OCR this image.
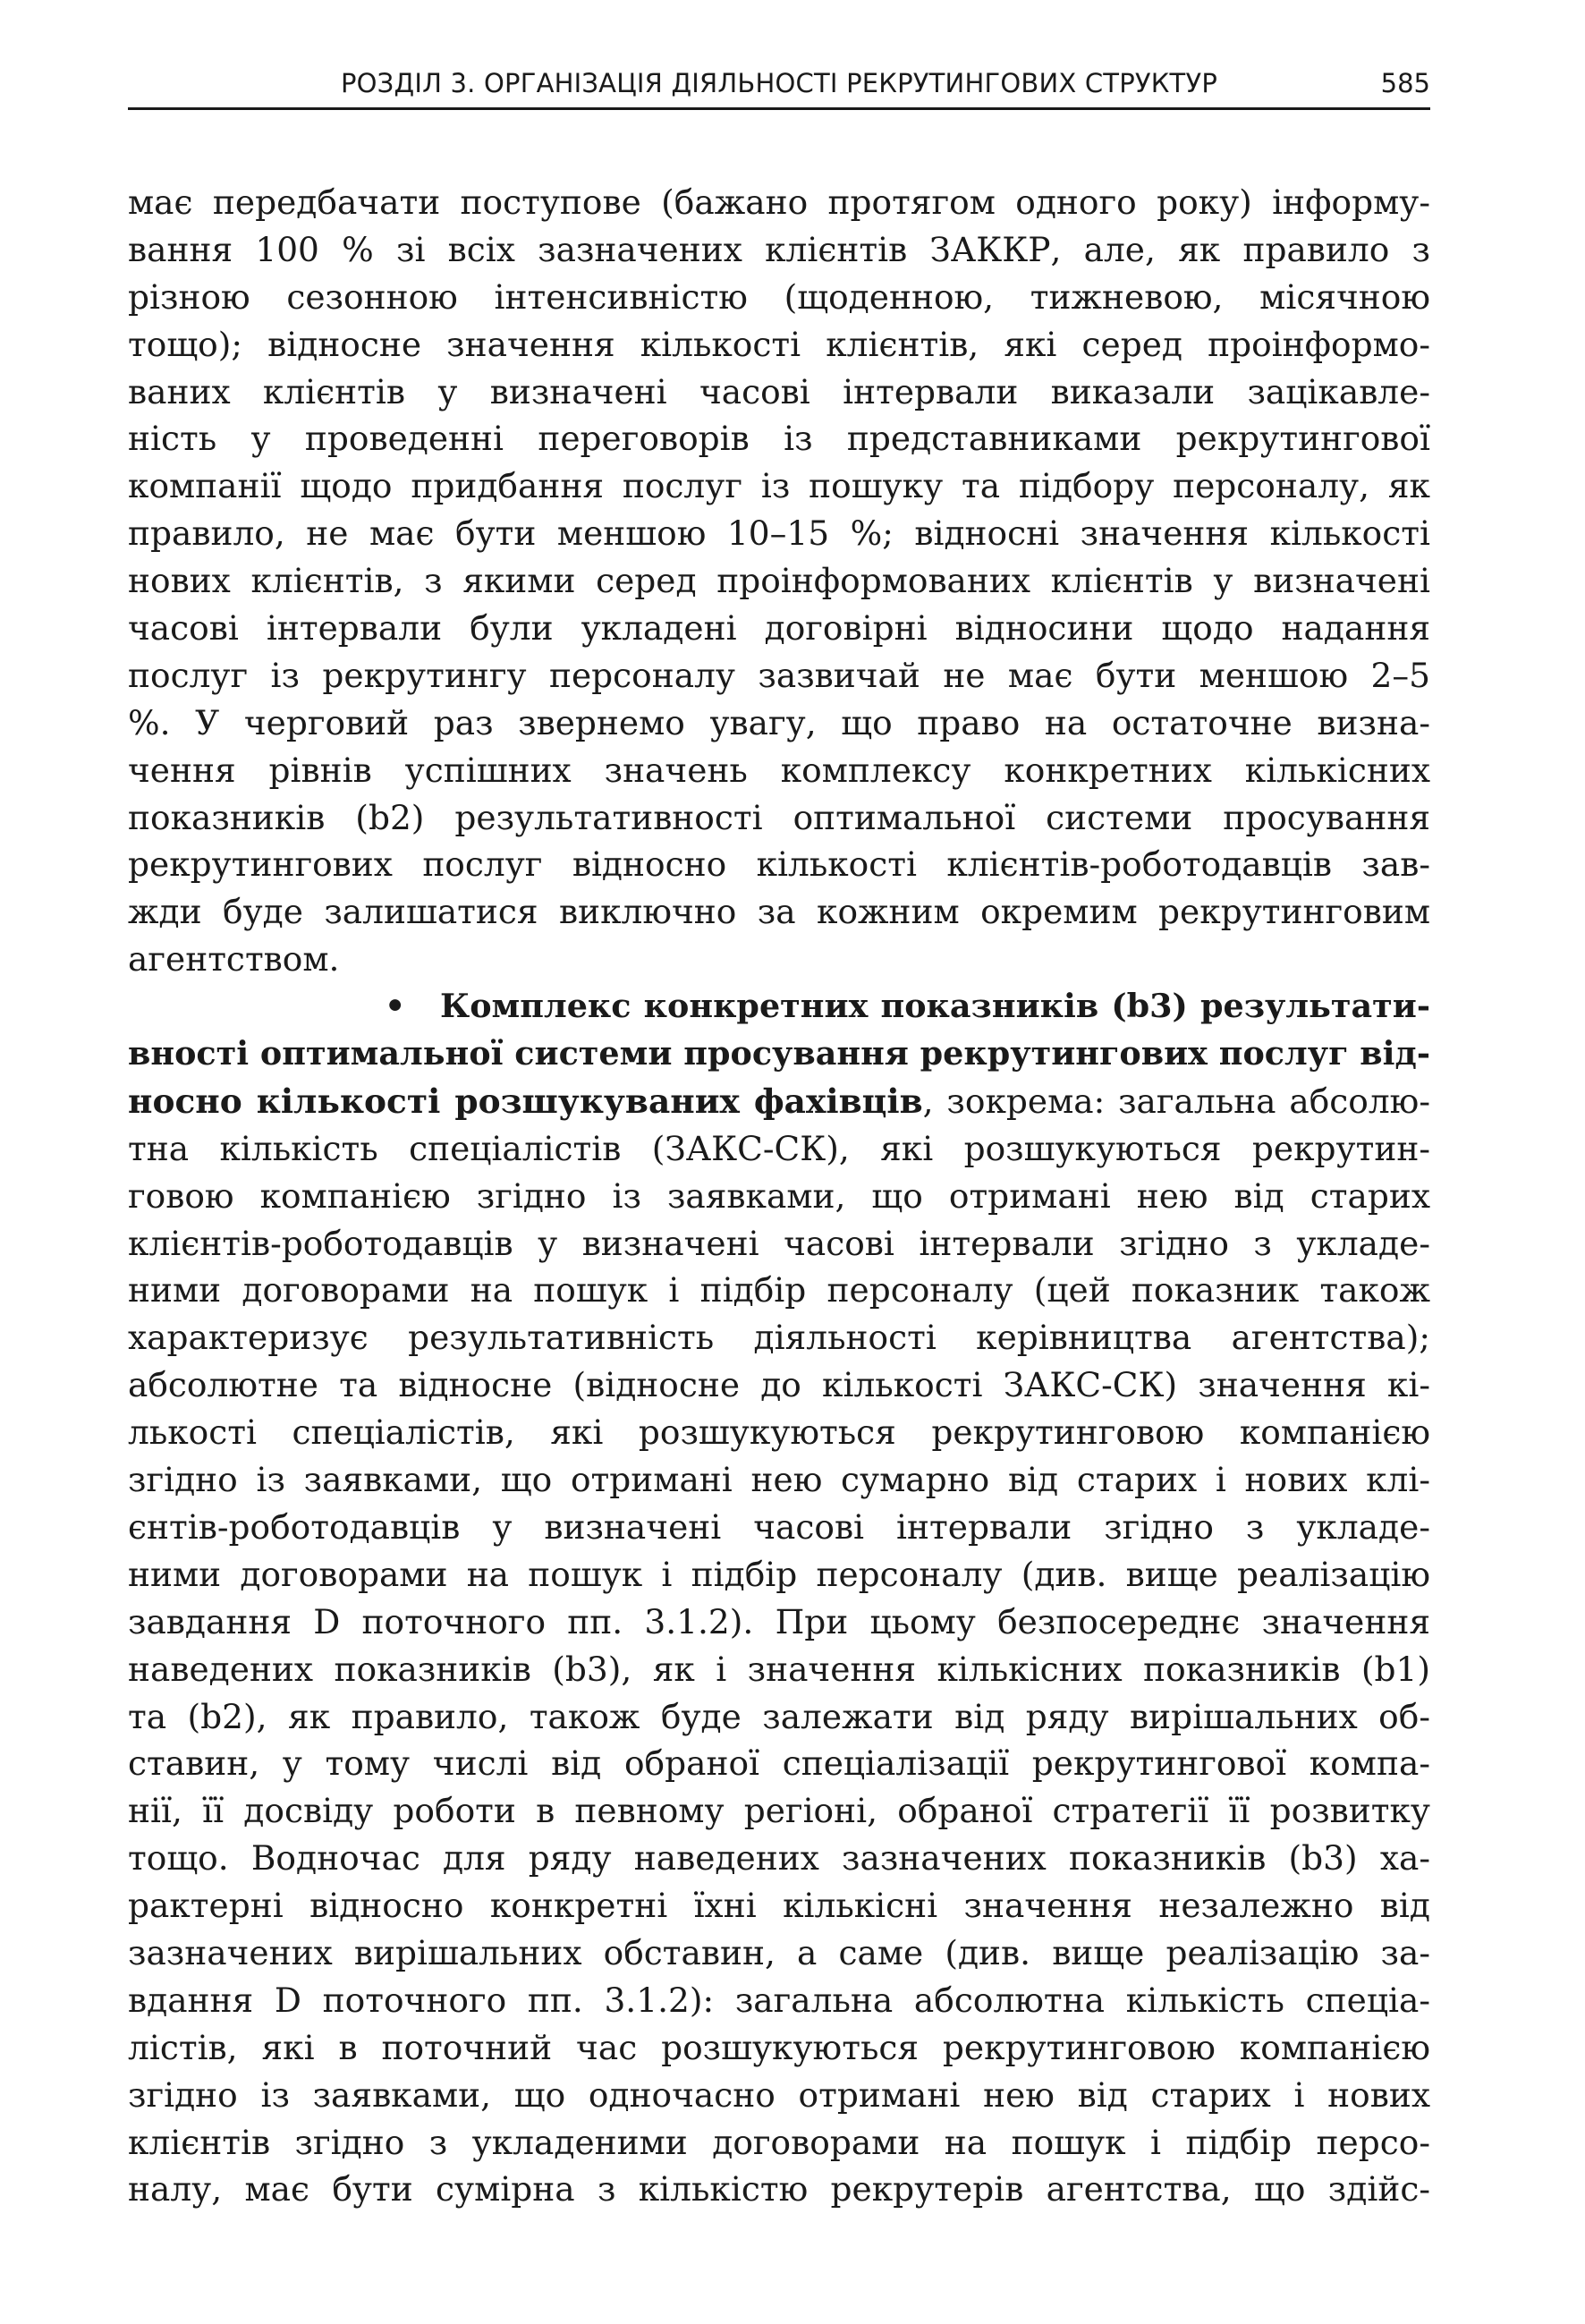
РОЗДІЛ 3. ОРГАНІЗАЦІЯ ДІЯЛЬНОСТІ РЕКРУТИНГОВИХ СТРУКТУР	585
має передбачати поступове (бажано протягом одного року) інформу-
вання 100 % зі всіх зазначених клієнтів ЗАККР, але, як правило з
різною сезонною інтенсивністю (щоденною, тижневою, місячною
тощо); відносне значення кількості клієнтів, які серед проінформо-
ваних клієнтів у визначені часові інтервали виказали зацікавле-
ність у проведенні переговорів із представниками рекрутингової
компанії щодо придбання послуг із пошуку та підбору персоналу, як
правило, не має бути меншою 10–15 %; відносні значення кількості
нових клієнтів, з якими серед проінформованих клієнтів у визначені
часові інтервали були укладені договірні відносини щодо надання
послуг із рекрутингу персоналу зазвичай не має бути меншою 2–5
%. У черговий раз звернемо увагу, що право на остаточне визна-
чення рівнів успішних значень комплексу конкретних кількісних
показників (b2) результативності оптимальної системи просування
рекрутингових послуг відносно кількості клієнтів-роботодавців зав-
жди буде залишатися виключно за кожним окремим рекрутинговим
агентством.
• Комплекс конкретних показників (b3) результати-
вності оптимальної системи просування рекрутингових послуг від-
носно кількості розшукуваних фахівців, зокрема: загальна абсолю-
тна кількість спеціалістів (ЗАКС-СК), які розшукуються рекрутин-
говою компанією згідно із заявками, що отримані нею від старих
клієнтів-роботодавців у визначені часові інтервали згідно з укладе-
ними договорами на пошук і підбір персоналу (цей показник також
характеризує результативність діяльності керівництва агентства);
абсолютне та відносне (відносне до кількості ЗАКС-СК) значення кі-
лькості спеціалістів, які розшукуються рекрутинговою компанією
згідно із заявками, що отримані нею сумарно від старих і нових клі-
єнтів-роботодавців у визначені часові інтервали згідно з укладе-
ними договорами на пошук і підбір персоналу (див. вище реалізацію
завдання D поточного пп. 3.1.2). При цьому безпосереднє значення
наведених показників (b3), як і значення кількісних показників (b1)
та (b2), як правило, також буде залежати від ряду вирішальних об-
ставин, у тому числі від обраної спеціалізації рекрутингової компа-
нії, її досвіду роботи в певному регіоні, обраної стратегії її розвитку
тощо. Водночас для ряду наведених зазначених показників (b3) ха-
рактерні відносно конкретні їхні кількісні значення незалежно від
зазначених вирішальних обставин, а саме (див. вище реалізацію за-
вдання D поточного пп. 3.1.2): загальна абсолютна кількість спеціа-
лістів, які в поточний час розшукуються рекрутинговою компанією
згідно із заявками, що одночасно отримані нею від старих і нових
клієнтів згідно з укладеними договорами на пошук і підбір персо-
налу, має бути сумірна з кількістю рекрутерів агентства, що здійс-
